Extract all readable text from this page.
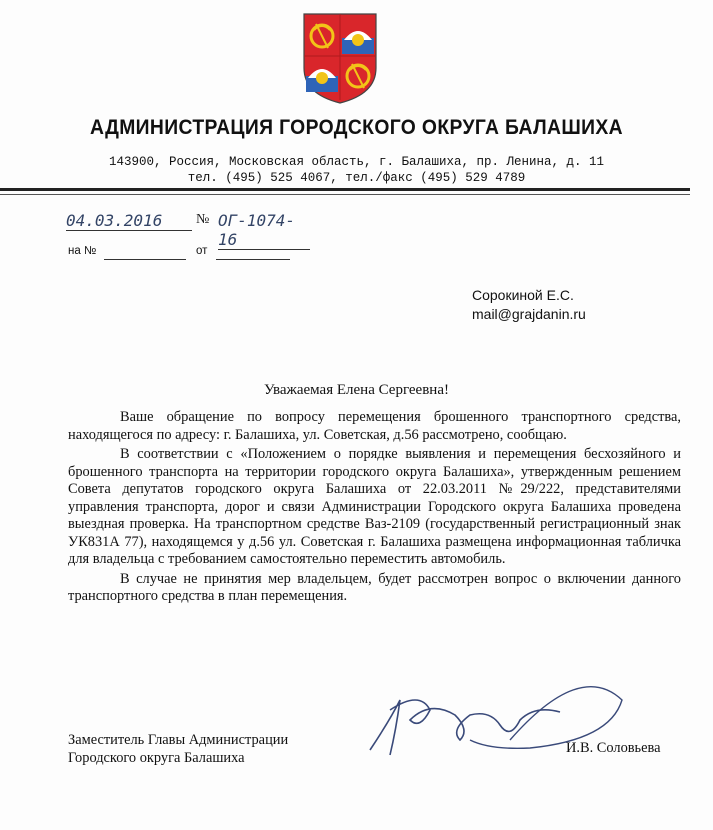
АДМИНИСТРАЦИЯ ГОРОДСКОГО ОКРУГА БАЛАШИХА
143900, Россия, Московская область, г. Балашиха, пр. Ленина, д. 11
тел. (495) 525 4067, тел./факс (495) 529 4789
04.03.2016	№ ОГ-1074-16
на №	от
Сорокиной Е.С.
mail@grajdanin.ru
Уважаемая Елена Сергеевна!

Ваше обращение по вопросу перемещения брошенного транспортного средства, находящегося по адресу: г. Балашиха, ул. Советская, д.56 рассмотрено, сообщаю.

В соответствии с «Положением о порядке выявления и перемещения бесхозяйного и брошенного транспорта на территории городского округа Балашиха», утвержденным решением Совета депутатов городского округа Балашиха от 22.03.2011 №29/222, представителями управления транспорта, дорог и связи Администрации Городского округа Балашиха проведена выездная проверка. На транспортном средстве Ваз-2109 (государственный регистрационный знак УК831А 77), находящемся у д.56 ул. Советская г. Балашиха размещена информационная табличка для владельца с требованием самостоятельно переместить автомобиль.

В случае не принятия мер владельцем, будет рассмотрен вопрос о включении данного транспортного средства в план перемещения.

Заместитель Главы Администрации
Городского округа Балашиха
И.В. Соловьева
